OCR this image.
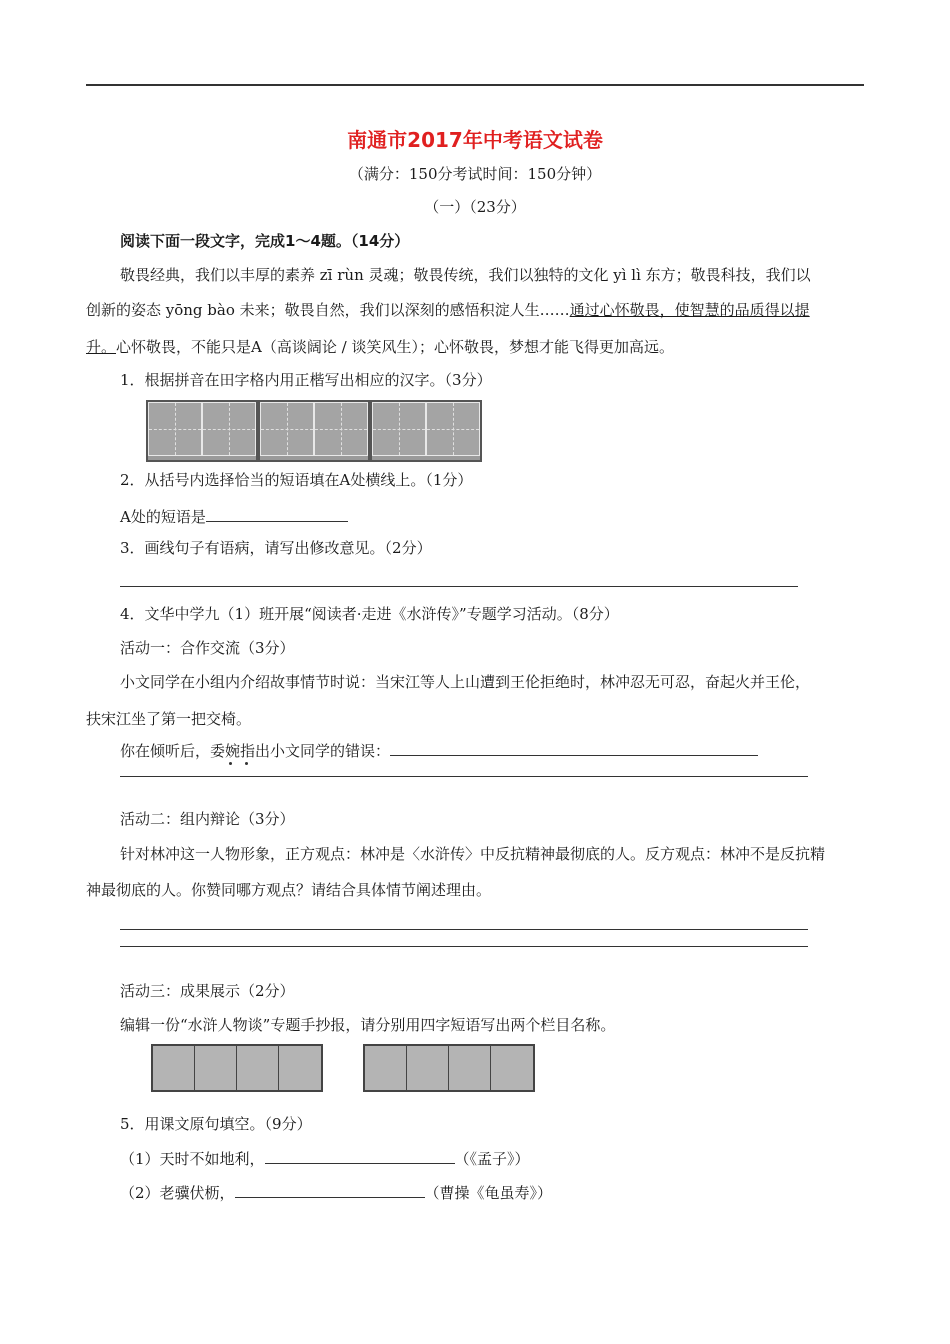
南通市2017年中考语文试卷
（满分：150分考试时间：150分钟）
（一）（23分）
阅读下面一段文字，完成1～4题。（14分）
敬畏经典，我们以丰厚的素养 zī rùn 灵魂；敬畏传统，我们以独特的文化 yì lì 东方；敬畏科技，我们以
创新的姿态 yōng bào 未来；敬畏自然，我们以深刻的感悟积淀人生……通过心怀敬畏，使智慧的品质得以提
升。心怀敬畏，不能只是A（高谈阔论 / 谈笑风生）；心怀敬畏，梦想才能飞得更加高远。
1．根据拼音在田字格内用正楷写出相应的汉字。（3分）
2．从括号内选择恰当的短语填在A处横线上。（1分）
A处的短语是
3．画线句子有语病，请写出修改意见。（2分）
4．文华中学九（1）班开展“阅读者·走进《水浒传》”专题学习活动。（8分）
活动一：合作交流（3分）
小文同学在小组内介绍故事情节时说：当宋江等人上山遭到王伦拒绝时，林冲忍无可忍，奋起火并王伦，
扶宋江坐了第一把交椅。
你在倾听后，委婉指出小文同学的错误：
活动二：组内辩论（3分）
针对林冲这一人物形象，正方观点：林冲是〈水浒传〉中反抗精神最彻底的人。反方观点：林冲不是反抗精
神最彻底的人。你赞同哪方观点？请结合具体情节阐述理由。
活动三：成果展示（2分）
编辑一份“水浒人物谈”专题手抄报，请分别用四字短语写出两个栏目名称。
5．用课文原句填空。（9分）
（1）天时不如地利，	（《孟子》）
（2）老骥伏枥，	（曹操《龟虽寿》）
